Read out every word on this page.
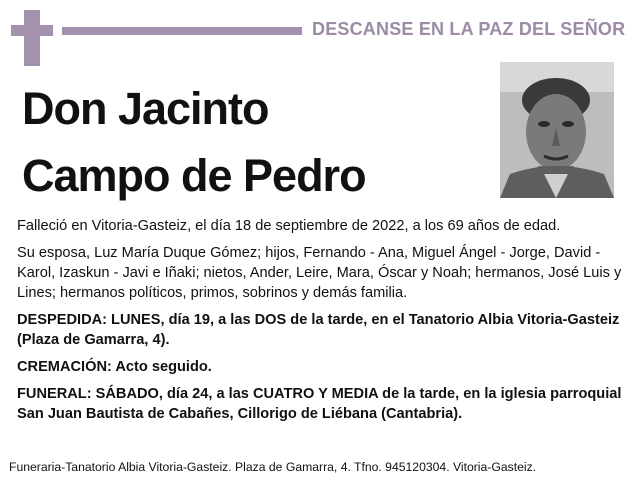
DESCANSE EN LA PAZ DEL SEÑOR
Don Jacinto
Campo de Pedro

Falleció en Vitoria-Gasteiz, el día 18 de septiembre de 2022, a los 69 años de edad.

Su esposa, Luz María Duque Gómez; hijos, Fernando - Ana, Miguel Ángel - Jorge, David - Karol, Izaskun - Javi e Iñaki; nietos, Ander, Leire, Mara, Óscar y Noah; hermanos, José Luis y Lines; hermanos políticos, primos, sobrinos y demás familia.

DESPEDIDA: LUNES, día 19, a las DOS de la tarde, en el Tanatorio Albia Vitoria-Gasteiz (Plaza de Gamarra, 4).

CREMACIÓN: Acto seguido.

FUNERAL: SÁBADO, día 24, a las CUATRO Y MEDIA de la tarde, en la iglesia parroquial San Juan Bautista de Cabañes, Cillorigo de Liébana (Cantabria).

Funeraria-Tanatorio Albia Vitoria-Gasteiz. Plaza de Gamarra, 4. Tfno. 945120304. Vitoria-Gasteiz.
